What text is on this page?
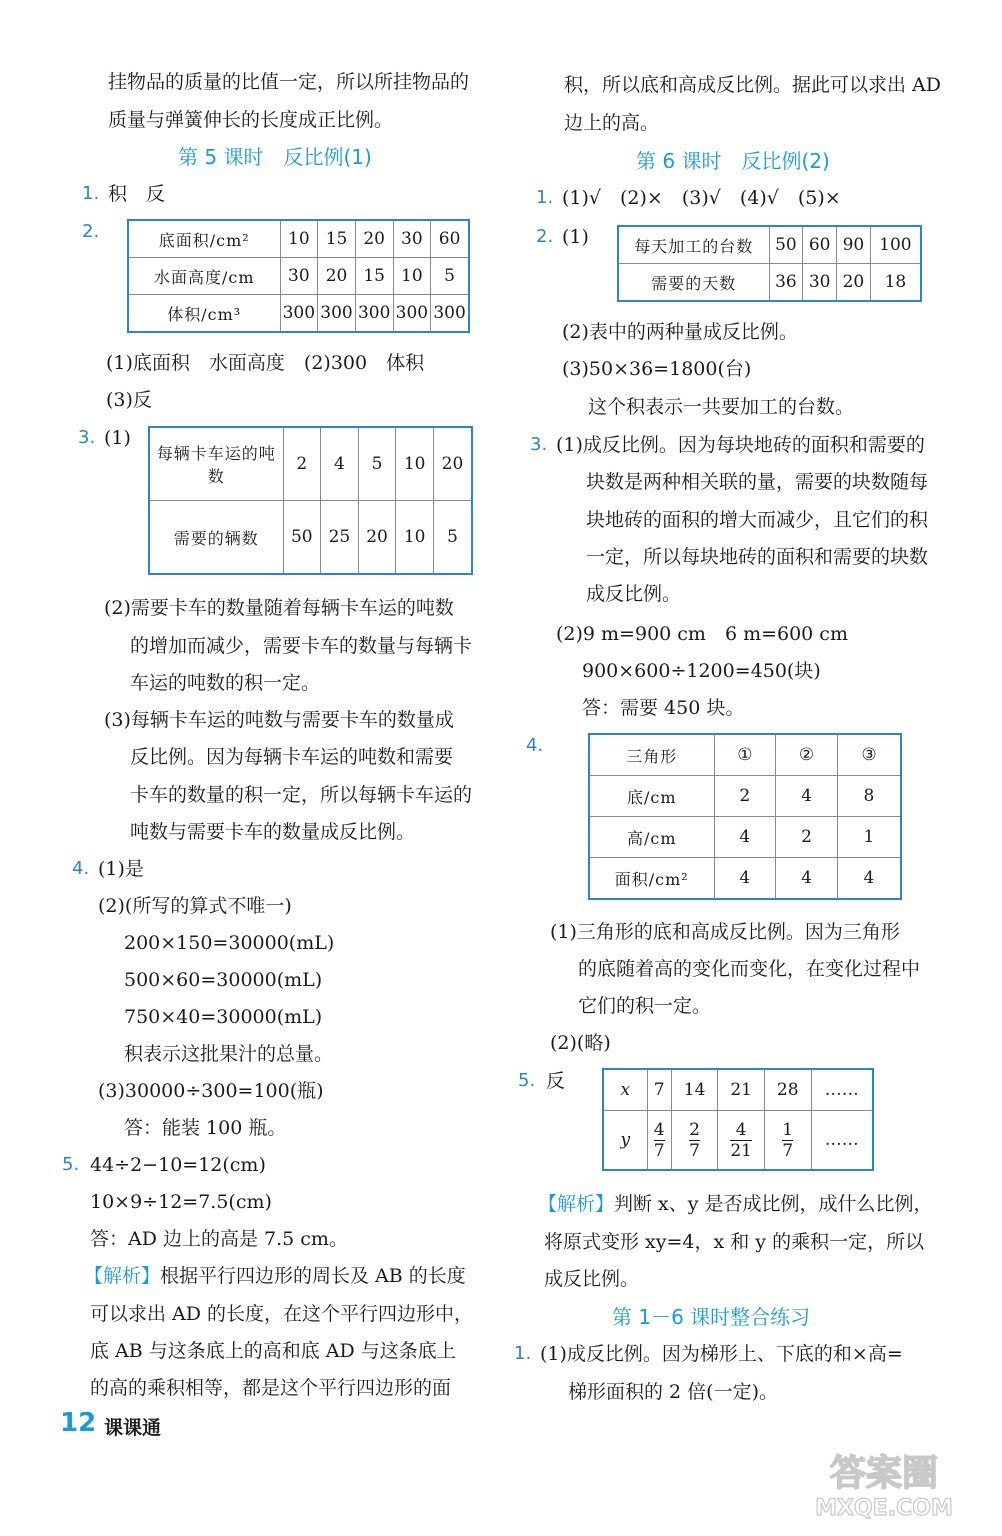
挂物品的质量的比值一定，所以所挂物品的
质量与弹簧伸长的长度成正比例。
第 5 课时　反比例(1)
1. 积　反
2.	底面积/cm²	10	15	20	30	60
水面高度/cm	30	20	15	10	5
体积/cm³	300	300	300	300	300
(1)底面积　水面高度　(2)300　体积
(3)反
3. (1)
每辆卡车运的吨数	2	4	5	10	20
需要的辆数	50	25	20	10	5
(2)需要卡车的数量随着每辆卡车运的吨数
的增加而减少，需要卡车的数量与每辆卡
车运的吨数的积一定。
(3)每辆卡车运的吨数与需要卡车的数量成
反比例。因为每辆卡车运的吨数和需要
卡车的数量的积一定，所以每辆卡车运的
吨数与需要卡车的数量成反比例。
4. (1)是
(2)(所写的算式不唯一)
200×150=30000(mL)
500×60=30000(mL)
750×40=30000(mL)
积表示这批果汁的总量。
(3)30000÷300=100(瓶)
答：能装 100 瓶。
5. 44÷2−10=12(cm)
10×9÷12=7.5(cm)
答：AD 边上的高是 7.5 cm。
【解析】根据平行四边形的周长及 AB 的长度
可以求出 AD 的长度，在这个平行四边形中，
底 AB 与这条底上的高和底 AD 与这条底上
的高的乘积相等，都是这个平行四边形的面
积，所以底和高成反比例。据此可以求出 AD
边上的高。
第 6 课时　反比例(2)
1. (1)√　(2)×　(3)√　(4)√　(5)×
2. (1)	每天加工的台数	50	60	90	100
需要的天数	36	30	20	18
(2)表中的两种量成反比例。
(3)50×36=1800(台)
这个积表示一共要加工的台数。
3. (1)成反比例。因为每块地砖的面积和需要的
块数是两种相关联的量，需要的块数随每
块地砖的面积的增大而减少，且它们的积
一定，所以每块地砖的面积和需要的块数
成反比例。
(2)9 m=900 cm　6 m=600 cm
900×600÷1200=450(块)
答：需要 450 块。
4.	三角形	①	②	③
底/cm	2	4	8
高/cm	4	2	1
面积/cm²	4	4	4
(1)三角形的底和高成反比例。因为三角形
的底随着高的变化而变化，在变化过程中
它们的积一定。
(2)(略)
5. 反	x	7	14	21	28	……
y	$\frac{4}{7}$	$\frac{2}{7}$	$\frac{4}{21}$	$\frac{1}{7}$	……
【解析】判断 x、y 是否成比例，成什么比例，
将原式变形 xy=4，x 和 y 的乘积一定，所以
成反比例。
第 1－6 课时整合练习
1. (1)成反比例。因为梯形上、下底的和×高=
梯形面积的 2 倍(一定)。
12 课课通
答案圈
MXQE.COM
